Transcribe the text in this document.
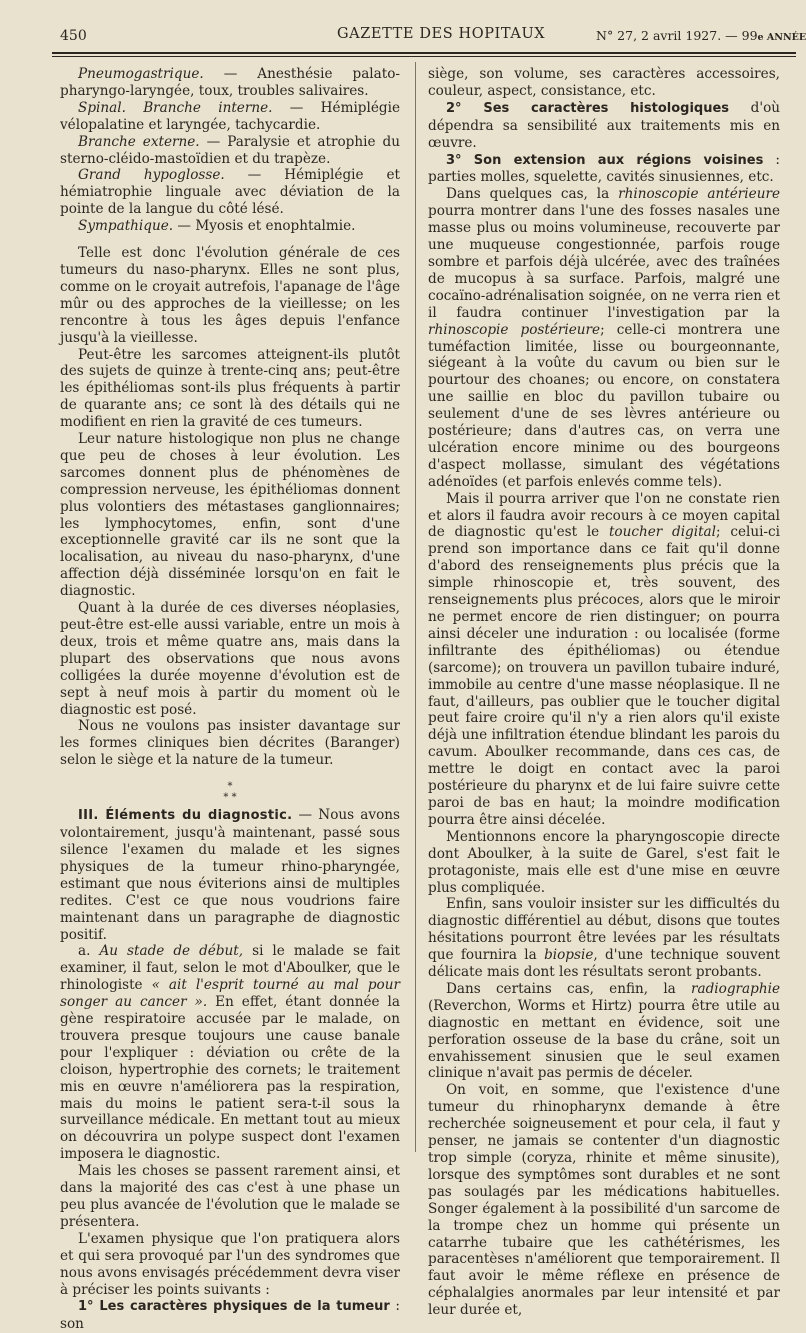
450	GAZETTE DES HOPITAUX	N° 27, 2 avril 1927. — 99e ANNÉE

Pneumogastrique. — Anesthésie palato-pharyngo-laryngée, toux, troubles salivaires.

Spinal. Branche interne. — Hémiplégie vélopalatine et laryngée, tachycardie.

Branche externe. — Paralysie et atrophie du sterno-cléido-mastoïdien et du trapèze.

Grand hypoglosse. — Hémiplégie et hémiatrophie linguale avec déviation de la pointe de la langue du côté lésé.

Sympathique. — Myosis et enophtalmie.

Telle est donc l'évolution générale de ces tumeurs du naso-pharynx. Elles ne sont plus, comme on le croyait autrefois, l'apanage de l'âge mûr ou des approches de la vieillesse; on les rencontre à tous les âges depuis l'enfance jusqu'à la vieillesse.

Peut-être les sarcomes atteignent-ils plutôt des sujets de quinze à trente-cinq ans; peut-être les épithéliomas sont-ils plus fréquents à partir de quarante ans; ce sont là des détails qui ne modifient en rien la gravité de ces tumeurs.

Leur nature histologique non plus ne change que peu de choses à leur évolution. Les sarcomes donnent plus de phénomènes de compression nerveuse, les épithéliomas donnent plus volontiers des métastases ganglionnaires; les lymphocytomes, enfin, sont d'une exceptionnelle gravité car ils ne sont que la localisation, au niveau du naso-pharynx, d'une affection déjà disséminée lorsqu'on en fait le diagnostic.

Quant à la durée de ces diverses néoplasies, peut-être est-elle aussi variable, entre un mois à deux, trois et même quatre ans, mais dans la plupart des observations que nous avons colligées la durée moyenne d'évolution est de sept à neuf mois à partir du moment où le diagnostic est posé.

Nous ne voulons pas insister davantage sur les formes cliniques bien décrites (Baranger) selon le siège et la nature de la tumeur.

*
* *

III. Éléments du diagnostic. — Nous avons volontairement, jusqu'à maintenant, passé sous silence l'examen du malade et les signes physiques de la tumeur rhino-pharyngée, estimant que nous éviterions ainsi de multiples redites. C'est ce que nous voudrions faire maintenant dans un paragraphe de diagnostic positif.

a. Au stade de début, si le malade se fait examiner, il faut, selon le mot d'Aboulker, que le rhinologiste « ait l'esprit tourné au mal pour songer au cancer ». En effet, étant donnée la gène respiratoire accusée par le malade, on trouvera presque toujours une cause banale pour l'expliquer : déviation ou crête de la cloison, hypertrophie des cornets; le traitement mis en œuvre n'améliorera pas la respiration, mais du moins le patient sera-t-il sous la surveillance médicale. En mettant tout au mieux on découvrira un polype suspect dont l'examen imposera le diagnostic.

Mais les choses se passent rarement ainsi, et dans la majorité des cas c'est à une phase un peu plus avancée de l'évolution que le malade se présentera.

L'examen physique que l'on pratiquera alors et qui sera provoqué par l'un des syndromes que nous avons envisagés précédemment devra viser à préciser les points suivants :

1° Les caractères physiques de la tumeur : son

siège, son volume, ses caractères accessoires, couleur, aspect, consistance, etc.

2° Ses caractères histologiques d'où dépendra sa sensibilité aux traitements mis en œuvre.

3° Son extension aux régions voisines : parties molles, squelette, cavités sinusiennes, etc.

Dans quelques cas, la rhinoscopie antérieure pourra montrer dans l'une des fosses nasales une masse plus ou moins volumineuse, recouverte par une muqueuse congestionnée, parfois rouge sombre et parfois déjà ulcérée, avec des traînées de mucopus à sa surface. Parfois, malgré une cocaïno-adrénalisation soignée, on ne verra rien et il faudra continuer l'investigation par la rhinoscopie postérieure; celle-ci montrera une tuméfaction limitée, lisse ou bourgeonnante, siégeant à la voûte du cavum ou bien sur le pourtour des choanes; ou encore, on constatera une saillie en bloc du pavillon tubaire ou seulement d'une de ses lèvres antérieure ou postérieure; dans d'autres cas, on verra une ulcération encore minime ou des bourgeons d'aspect mollasse, simulant des végétations adénoïdes (et parfois enlevés comme tels).

Mais il pourra arriver que l'on ne constate rien et alors il faudra avoir recours à ce moyen capital de diagnostic qu'est le toucher digital; celui-ci prend son importance dans ce fait qu'il donne d'abord des renseignements plus précis que la simple rhinoscopie et, très souvent, des renseignements plus précoces, alors que le miroir ne permet encore de rien distinguer; on pourra ainsi déceler une induration : ou localisée (forme infiltrante des épithéliomas) ou étendue (sarcome); on trouvera un pavillon tubaire induré, immobile au centre d'une masse néoplasique. Il ne faut, d'ailleurs, pas oublier que le toucher digital peut faire croire qu'il n'y a rien alors qu'il existe déjà une infiltration étendue blindant les parois du cavum. Aboulker recommande, dans ces cas, de mettre le doigt en contact avec la paroi postérieure du pharynx et de lui faire suivre cette paroi de bas en haut; la moindre modification pourra être ainsi décelée.

Mentionnons encore la pharyngoscopie directe dont Aboulker, à la suite de Garel, s'est fait le protagoniste, mais elle est d'une mise en œuvre plus compliquée.

Enfin, sans vouloir insister sur les difficultés du diagnostic différentiel au début, disons que toutes hésitations pourront être levées par les résultats que fournira la biopsie, d'une technique souvent délicate mais dont les résultats seront probants.

Dans certains cas, enfin, la radiographie (Reverchon, Worms et Hirtz) pourra être utile au diagnostic en mettant en évidence, soit une perforation osseuse de la base du crâne, soit un envahissement sinusien que le seul examen clinique n'avait pas permis de déceler.

On voit, en somme, que l'existence d'une tumeur du rhinopharynx demande à être recherchée soigneusement et pour cela, il faut y penser, ne jamais se contenter d'un diagnostic trop simple (coryza, rhinite et même sinusite), lorsque des symptômes sont durables et ne sont pas soulagés par les médications habituelles. Songer également à la possibilité d'un sarcome de la trompe chez un homme qui présente un catarrhe tubaire que les cathétérismes, les paracentèses n'améliorent que temporairement. Il faut avoir le même réflexe en présence de céphalalgies anormales par leur intensité et par leur durée et,
